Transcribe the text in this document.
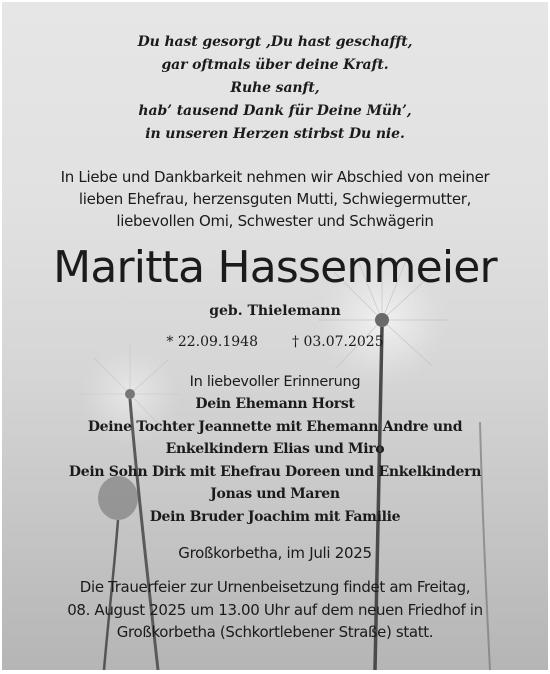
Du hast gesorgt ,Du hast geschafft,
gar oftmals über deine Kraft.
Ruhe sanft,
hab’ tausend Dank für Deine Müh’,
in unseren Herzen stirbst Du nie.
In Liebe und Dankbarkeit nehmen wir Abschied von meiner
lieben Ehefrau, herzensguten Mutti, Schwiegermutter,
liebevollen Omi, Schwester und Schwägerin
Maritta Hassenmeier
geb. Thielemann
* 22.09.1948 † 03.07.2025
In liebevoller Erinnerung
Dein Ehemann Horst
Deine Tochter Jeannette mit Ehemann Andre und
Enkelkindern Elias und Miro
Dein Sohn Dirk mit Ehefrau Doreen und Enkelkindern
Jonas und Maren
Dein Bruder Joachim mit Familie
Großkorbetha, im Juli 2025
Die Trauerfeier zur Urnenbeisetzung findet am Freitag,
08. August 2025 um 13.00 Uhr auf dem neuen Friedhof in
Großkorbetha (Schkortlebener Straße) statt.
